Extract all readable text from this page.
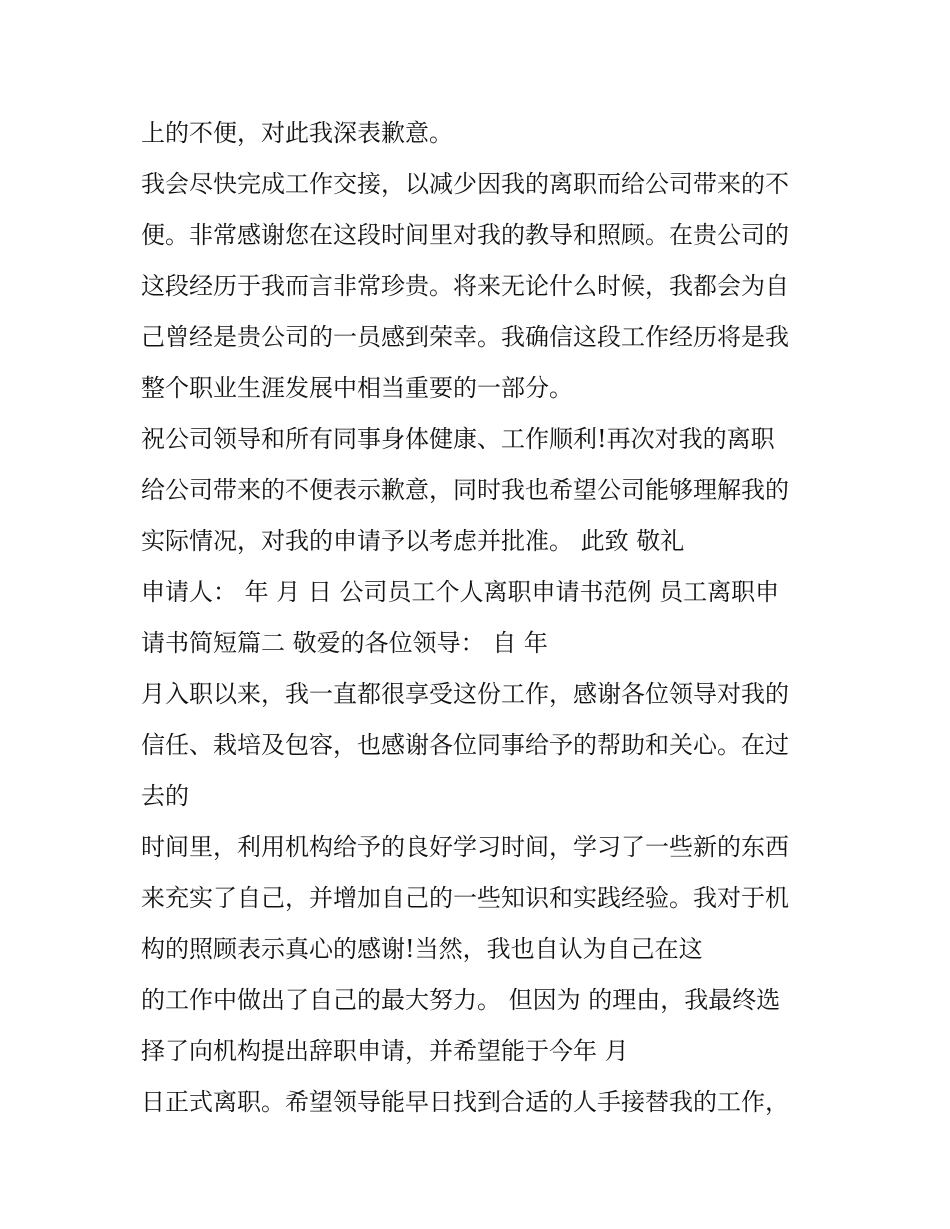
上的不便，对此我深表歉意。
我会尽快完成工作交接，以减少因我的离职而给公司带来的不
便。非常感谢您在这段时间里对我的教导和照顾。在贵公司的
这段经历于我而言非常珍贵。将来无论什么时候，我都会为自
己曾经是贵公司的一员感到荣幸。我确信这段工作经历将是我
整个职业生涯发展中相当重要的一部分。
祝公司领导和所有同事身体健康、工作顺利!再次对我的离职
给公司带来的不便表示歉意，同时我也希望公司能够理解我的
实际情况，对我的申请予以考虑并批准。 此致 敬礼
申请人： 年 月 日 公司员工个人离职申请书范例 员工离职申
请书简短篇二 敬爱的各位领导： 自 年
月入职以来，我一直都很享受这份工作，感谢各位领导对我的
信任、栽培及包容，也感谢各位同事给予的帮助和关心。在过
去的
时间里，利用机构给予的良好学习时间，学习了一些新的东西
来充实了自己，并增加自己的一些知识和实践经验。我对于机
构的照顾表示真心的感谢!当然，我也自认为自己在这
的工作中做出了自己的最大努力。 但因为 的理由，我最终选
择了向机构提出辞职申请，并希望能于今年 月
日正式离职。希望领导能早日找到合适的人手接替我的工作，
